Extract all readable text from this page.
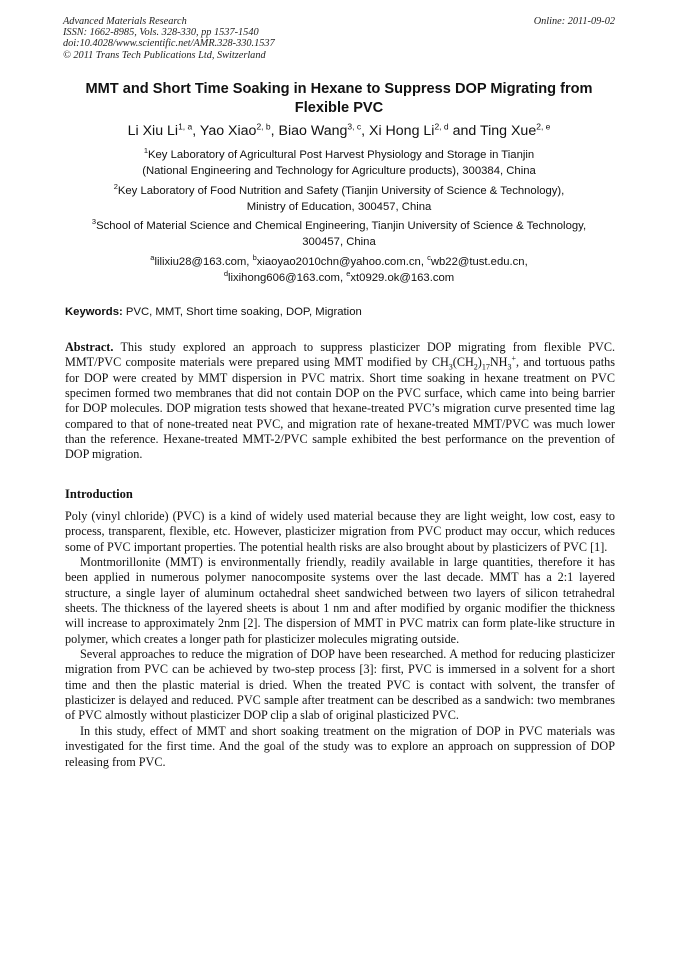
Advanced Materials Research
ISSN: 1662-8985, Vols. 328-330, pp 1537-1540
doi:10.4028/www.scientific.net/AMR.328-330.1537
© 2011 Trans Tech Publications Ltd, Switzerland
Online: 2011-09-02
MMT and Short Time Soaking in Hexane to Suppress DOP Migrating from
Flexible PVC
Li Xiu Li$^{1, a}$, Yao Xiao$^{2, b}$, Biao Wang$^{3, c}$, Xi Hong Li$^{2, d}$ and Ting Xue$^{2, e}$
$^1$Key Laboratory of Agricultural Post Harvest Physiology and Storage in Tianjin
(National Engineering and Technology for Agriculture products), 300384, China
$^2$Key Laboratory of Food Nutrition and Safety (Tianjin University of Science & Technology),
Ministry of Education, 300457, China
$^3$School of Material Science and Chemical Engineering, Tianjin University of Science & Technology,
300457, China
$^a$lilixiu28@163.com, $^b$xiaoyao2010chn@yahoo.com.cn, $^c$wb22@tust.edu.cn,
$^d$lixihong606@163.com, $^e$xt0929.ok@163.com
Keywords: PVC, MMT, Short time soaking, DOP, Migration

Abstract. This study explored an approach to suppress plasticizer DOP migrating from flexible PVC. MMT/PVC composite materials were prepared using MMT modified by $CH_3(CH_2)_{17}NH_3^+$, and tortuous paths for DOP were created by MMT dispersion in PVC matrix. Short time soaking in hexane treatment on PVC specimen formed two membranes that did not contain DOP on the PVC surface, which came into being barrier for DOP molecules. DOP migration tests showed that hexane-treated PVC’s migration curve presented time lag compared to that of none-treated neat PVC, and migration rate of hexane-treated MMT/PVC was much lower than the reference. Hexane-treated MMT-2/PVC sample exhibited the best performance on the prevention of DOP migration.

Introduction

Poly (vinyl chloride) (PVC) is a kind of widely used material because they are light weight, low cost, easy to process, transparent, flexible, etc. However, plasticizer migration from PVC product may occur, which reduces some of PVC important properties. The potential health risks are also brought about by plasticizers of PVC [1].

Montmorillonite (MMT) is environmentally friendly, readily available in large quantities, therefore it has been applied in numerous polymer nanocomposite systems over the last decade. MMT has a 2:1 layered structure, a single layer of aluminum octahedral sheet sandwiched between two layers of silicon tetrahedral sheets. The thickness of the layered sheets is about 1 nm and after modified by organic modifier the thickness will increase to approximately 2nm [2]. The dispersion of MMT in PVC matrix can form plate-like structure in polymer, which creates a longer path for plasticizer molecules migrating outside.

Several approaches to reduce the migration of DOP have been researched. A method for reducing plasticizer migration from PVC can be achieved by two-step process [3]: first, PVC is immersed in a solvent for a short time and then the plastic material is dried. When the treated PVC is contact with solvent, the transfer of plasticizer is delayed and reduced. PVC sample after treatment can be described as a sandwich: two membranes of PVC almostly without plasticizer DOP clip a slab of original plasticized PVC.

In this study, effect of MMT and short soaking treatment on the migration of DOP in PVC materials was investigated for the first time. And the goal of the study was to explore an approach on suppression of DOP releasing from PVC.
